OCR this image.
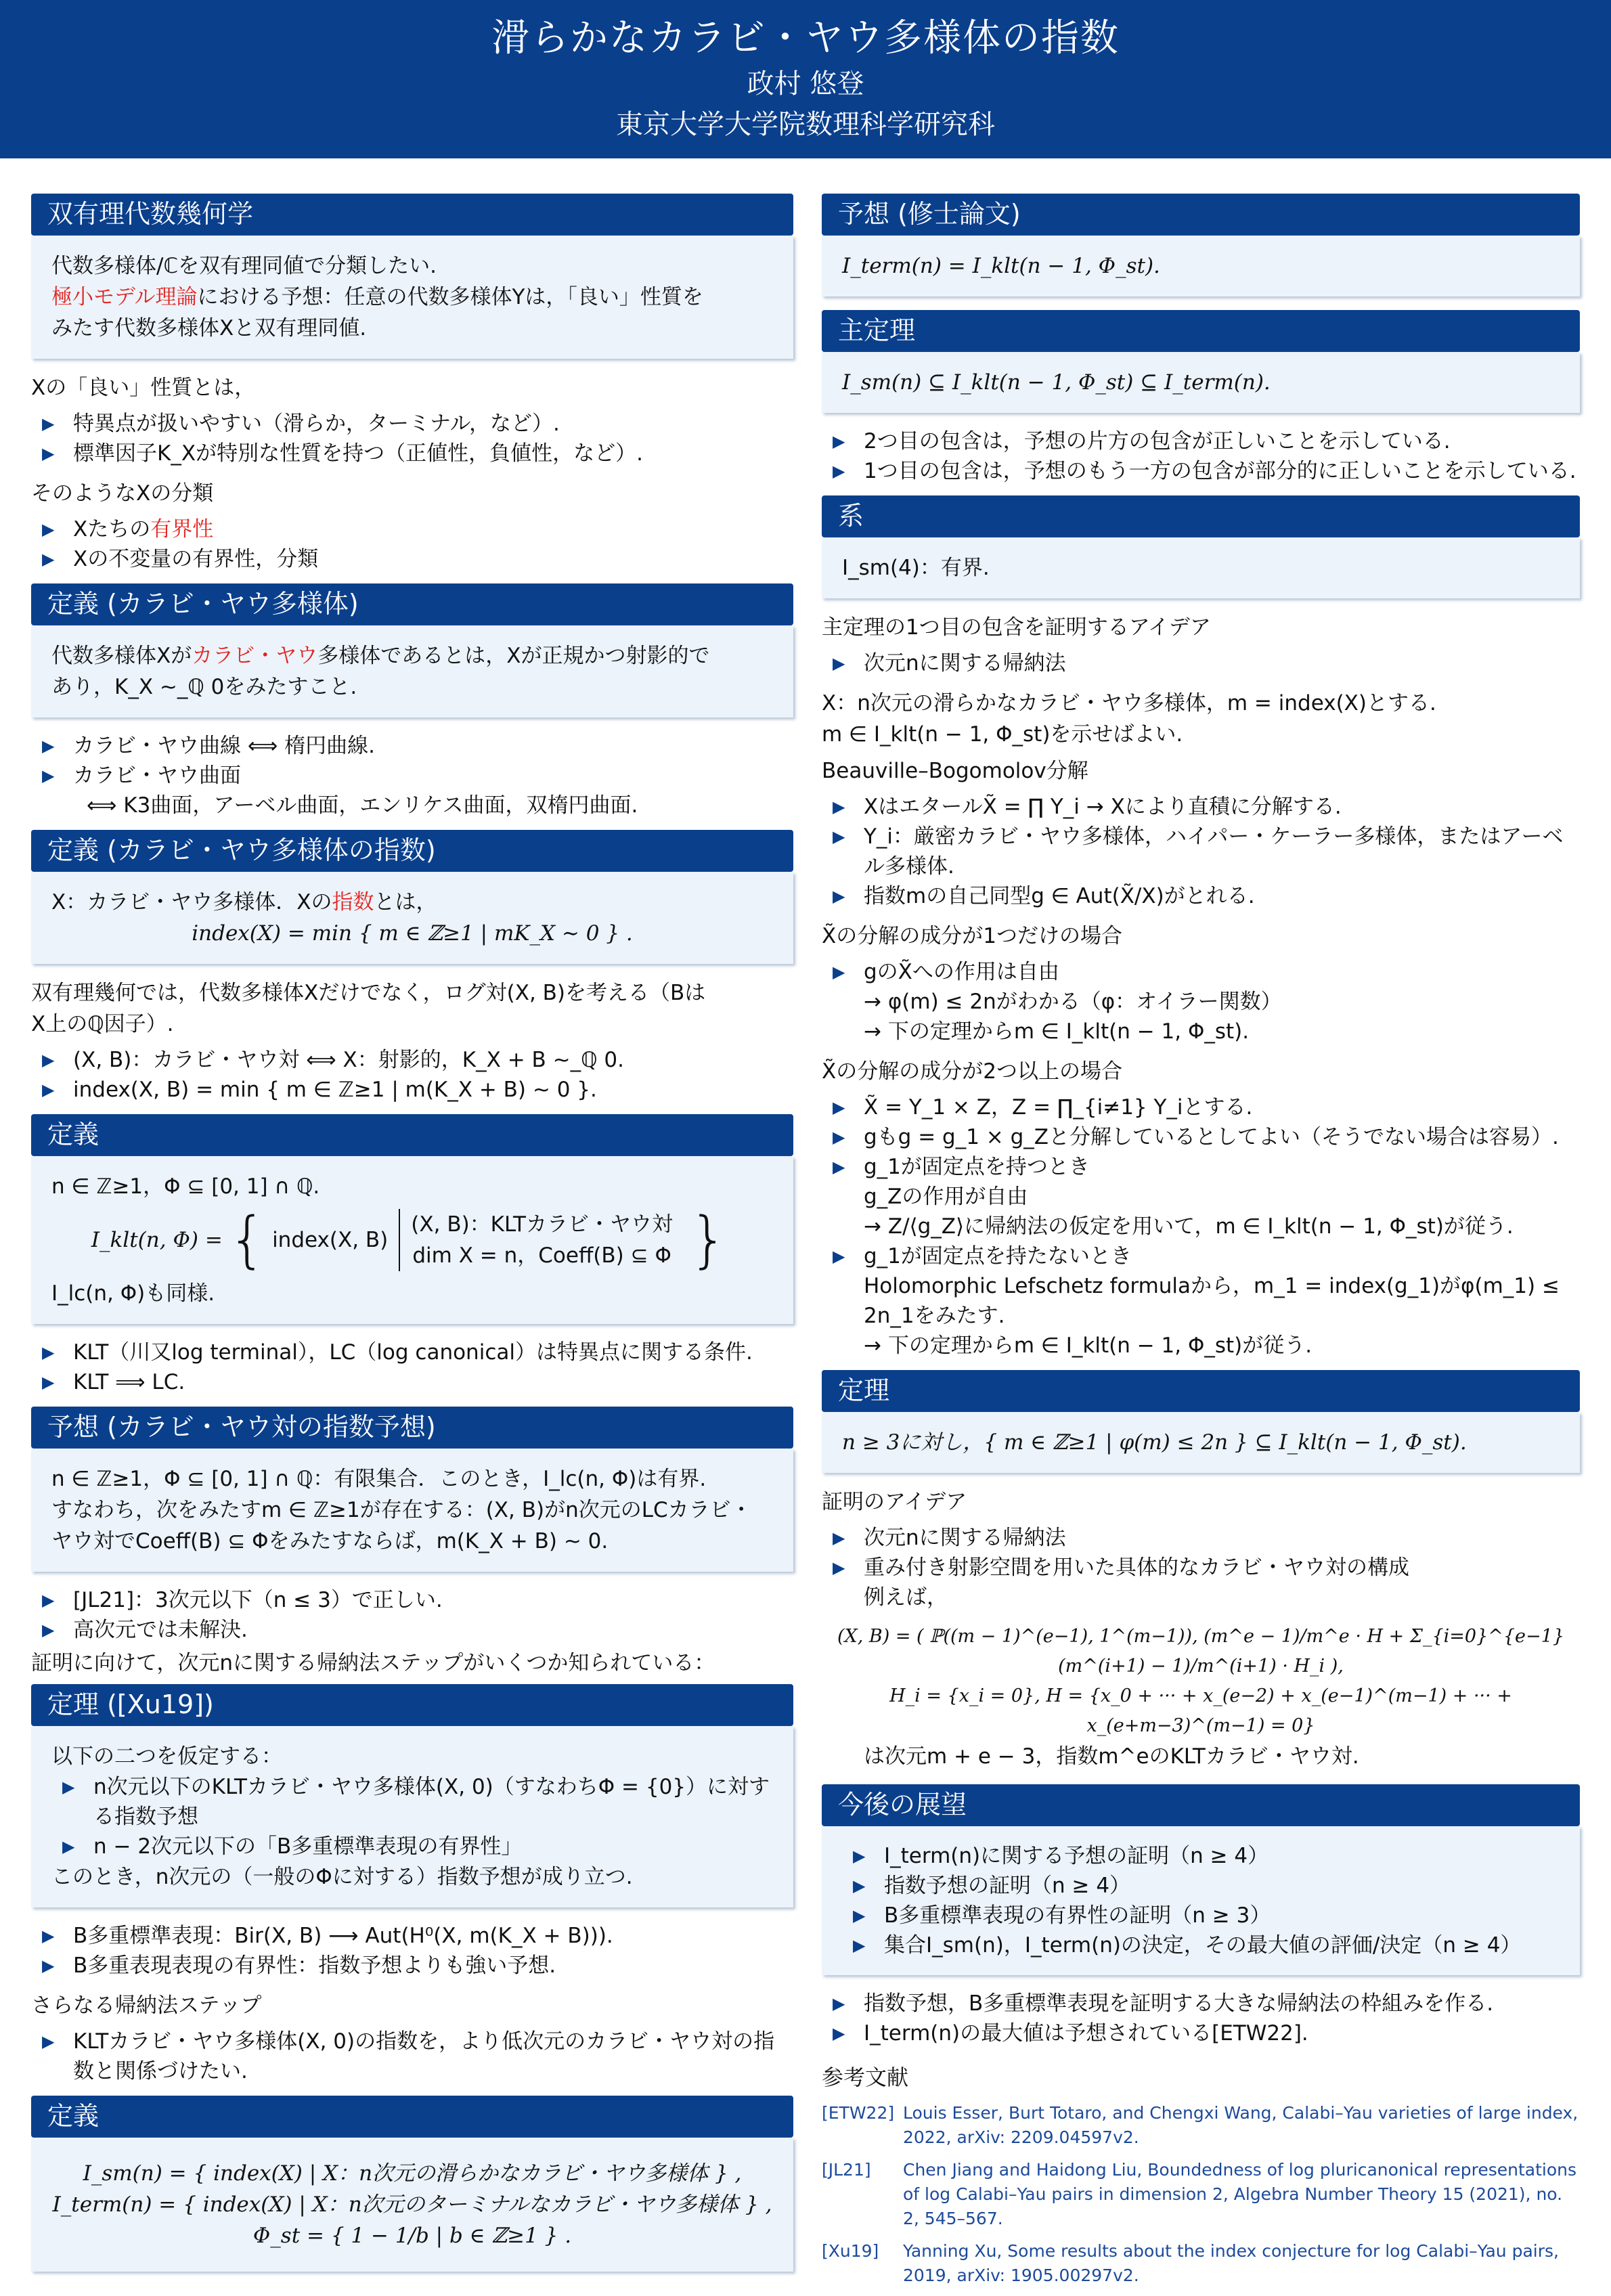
滑らかなカラビ・ヤウ多様体の指数
政村 悠登
東京大学大学院数理科学研究科
双有理代数幾何学
代数多様体/ℂを双有理同値で分類したい.
極小モデル理論における予想：任意の代数多様体Yは，「良い」性質を
みたす代数多様体Xと双有理同値.
Xの「良い」性質とは，
▶ 特異点が扱いやすい（滑らか，ターミナル，など）.
▶ 標準因子K_Xが特別な性質を持つ（正値性，負値性，など）.
そのようなXの分類
▶ Xたちの有界性
▶ Xの不変量の有界性，分類
定義 (カラビ・ヤウ多様体)
代数多様体Xがカラビ・ヤウ多様体であるとは，Xが正規かつ射影的で
あり，K_X ∼_ℚ 0をみたすこと.
▶ カラビ・ヤウ曲線 ⟺ 楕円曲線.
▶ カラビ・ヤウ曲面
⟺ K3曲面，アーベル曲面，エンリケス曲面，双楕円曲面.
定義 (カラビ・ヤウ多様体の指数)
X：カラビ・ヤウ多様体．Xの指数とは，
index(X) = min { m ∈ ℤ≥1 | mK_X ∼ 0 } .
双有理幾何では，代数多様体Xだけでなく，ログ対(X, B)を考える（Bは
X上のℚ因子）.
▶ (X, B)：カラビ・ヤウ対 ⟺ X：射影的，K_X + B ∼_ℚ 0.
▶ index(X, B) = min { m ∈ ℤ≥1 | m(K_X + B) ∼ 0 }.
定義
n ∈ ℤ≥1，Φ ⊆ [0, 1] ∩ ℚ.
I_klt(n, Φ) = { index(X, B)
(X, B)：KLTカラビ・ヤウ対
dim X = n，Coeff(B) ⊆ Φ }
I_lc(n, Φ)も同様.
▶ KLT（川又log terminal），LC（log canonical）は特異点に関する条件.
▶ KLT ⟹ LC.
予想 (カラビ・ヤウ対の指数予想)
n ∈ ℤ≥1，Φ ⊆ [0, 1] ∩ ℚ：有限集合．このとき，I_lc(n, Φ)は有界.
すなわち，次をみたすm ∈ ℤ≥1が存在する：(X, B)がn次元のLCカラビ・
ヤウ対でCoeff(B) ⊆ Φをみたすならば，m(K_X + B) ∼ 0.
▶ [JL21]：3次元以下（n ≤ 3）で正しい.
▶ 高次元では未解決.
証明に向けて，次元nに関する帰納法ステップがいくつか知られている：
定理 ([Xu19])
以下の二つを仮定する：
▶ n次元以下のKLTカラビ・ヤウ多様体(X, 0)（すなわちΦ = {0}）に対する指数予想
▶ n − 2次元以下の「B多重標準表現の有界性」
このとき，n次元の（一般のΦに対する）指数予想が成り立つ.
▶ B多重標準表現：Bir(X, B) ⟶ Aut(H⁰(X, m(K_X + B))).
▶ B多重表現表現の有界性：指数予想よりも強い予想.
さらなる帰納法ステップ
▶ KLTカラビ・ヤウ多様体(X, 0)の指数を，より低次元のカラビ・ヤウ対の指数と関係づけたい.
定義
I_sm(n) = { index(X) | X：n次元の滑らかなカラビ・ヤウ多様体 } ,
I_term(n) = { index(X) | X：n次元のターミナルなカラビ・ヤウ多様体 } ,
Φ_st = { 1 − 1/b | b ∈ ℤ≥1 } .
予想 (修士論文)
I_term(n) = I_klt(n − 1, Φ_st).
主定理
I_sm(n) ⊆ I_klt(n − 1, Φ_st) ⊆ I_term(n).
▶ 2つ目の包含は，予想の片方の包含が正しいことを示している.
▶ 1つ目の包含は，予想のもう一方の包含が部分的に正しいことを示している.
系
I_sm(4)：有界.
主定理の1つ目の包含を証明するアイデア
▶ 次元nに関する帰納法
X：n次元の滑らかなカラビ・ヤウ多様体，m = index(X)とする.
m ∈ I_klt(n − 1, Φ_st)を示せばよい.
Beauville–Bogomolov分解
▶ XはエタールX̃ = ∏ Y_i → Xにより直積に分解する.
▶ Y_i：厳密カラビ・ヤウ多様体，ハイパー・ケーラー多様体，またはアーベル多様体.
▶ 指数mの自己同型g ∈ Aut(X̃/X)がとれる.
X̃の分解の成分が1つだけの場合
▶ gのX̃への作用は自由
→ φ(m) ≤ 2nがわかる（φ：オイラー関数）
→ 下の定理からm ∈ I_klt(n − 1, Φ_st).
X̃の分解の成分が2つ以上の場合
▶ X̃ = Y_1 × Z，Z = ∏_{i≠1} Y_iとする.
▶ gもg = g_1 × g_Zと分解しているとしてよい（そうでない場合は容易）.
▶ g_1が固定点を持つとき
g_Zの作用が自由
→ Z/⟨g_Z⟩に帰納法の仮定を用いて，m ∈ I_klt(n − 1, Φ_st)が従う.
▶ g_1が固定点を持たないとき
Holomorphic Lefschetz formulaから，m_1 = index(g_1)がφ(m_1) ≤ 2n_1をみたす.
→ 下の定理からm ∈ I_klt(n − 1, Φ_st)が従う.
定理
n ≥ 3に対し，{ m ∈ ℤ≥1 | φ(m) ≤ 2n } ⊆ I_klt(n − 1, Φ_st).
証明のアイデア
▶ 次元nに関する帰納法
▶ 重み付き射影空間を用いた具体的なカラビ・ヤウ対の構成
例えば，
(X, B) = ( ℙ((m − 1)^(e−1), 1^(m−1)), (m^e − 1)/m^e · H + Σ_{i=0}^{e−1} (m^(i+1) − 1)/m^(i+1) · H_i ),
H_i = {x_i = 0}, H = {x_0 + ··· + x_(e−2) + x_(e−1)^(m−1) + ··· + x_(e+m−3)^(m−1) = 0}
は次元m + e − 3，指数m^eのKLTカラビ・ヤウ対.
今後の展望
▶ I_term(n)に関する予想の証明（n ≥ 4）
▶ 指数予想の証明（n ≥ 4）
▶ B多重標準表現の有界性の証明（n ≥ 3）
▶ 集合I_sm(n)，I_term(n)の決定，その最大値の評価/決定（n ≥ 4）
▶ 指数予想，B多重標準表現を証明する大きな帰納法の枠組みを作る.
▶ I_term(n)の最大値は予想されている[ETW22].
参考文献
[ETW22] Louis Esser, Burt Totaro, and Chengxi Wang, Calabi–Yau varieties of large index, 2022, arXiv: 2209.04597v2.
[JL21]	Chen Jiang and Haidong Liu, Boundedness of log pluricanonical representations of log Calabi–Yau pairs in dimension 2, Algebra Number Theory 15 (2021), no. 2, 545–567.
[Xu19]	Yanning Xu, Some results about the index conjecture for log Calabi–Yau pairs, 2019, arXiv: 1905.00297v2.
